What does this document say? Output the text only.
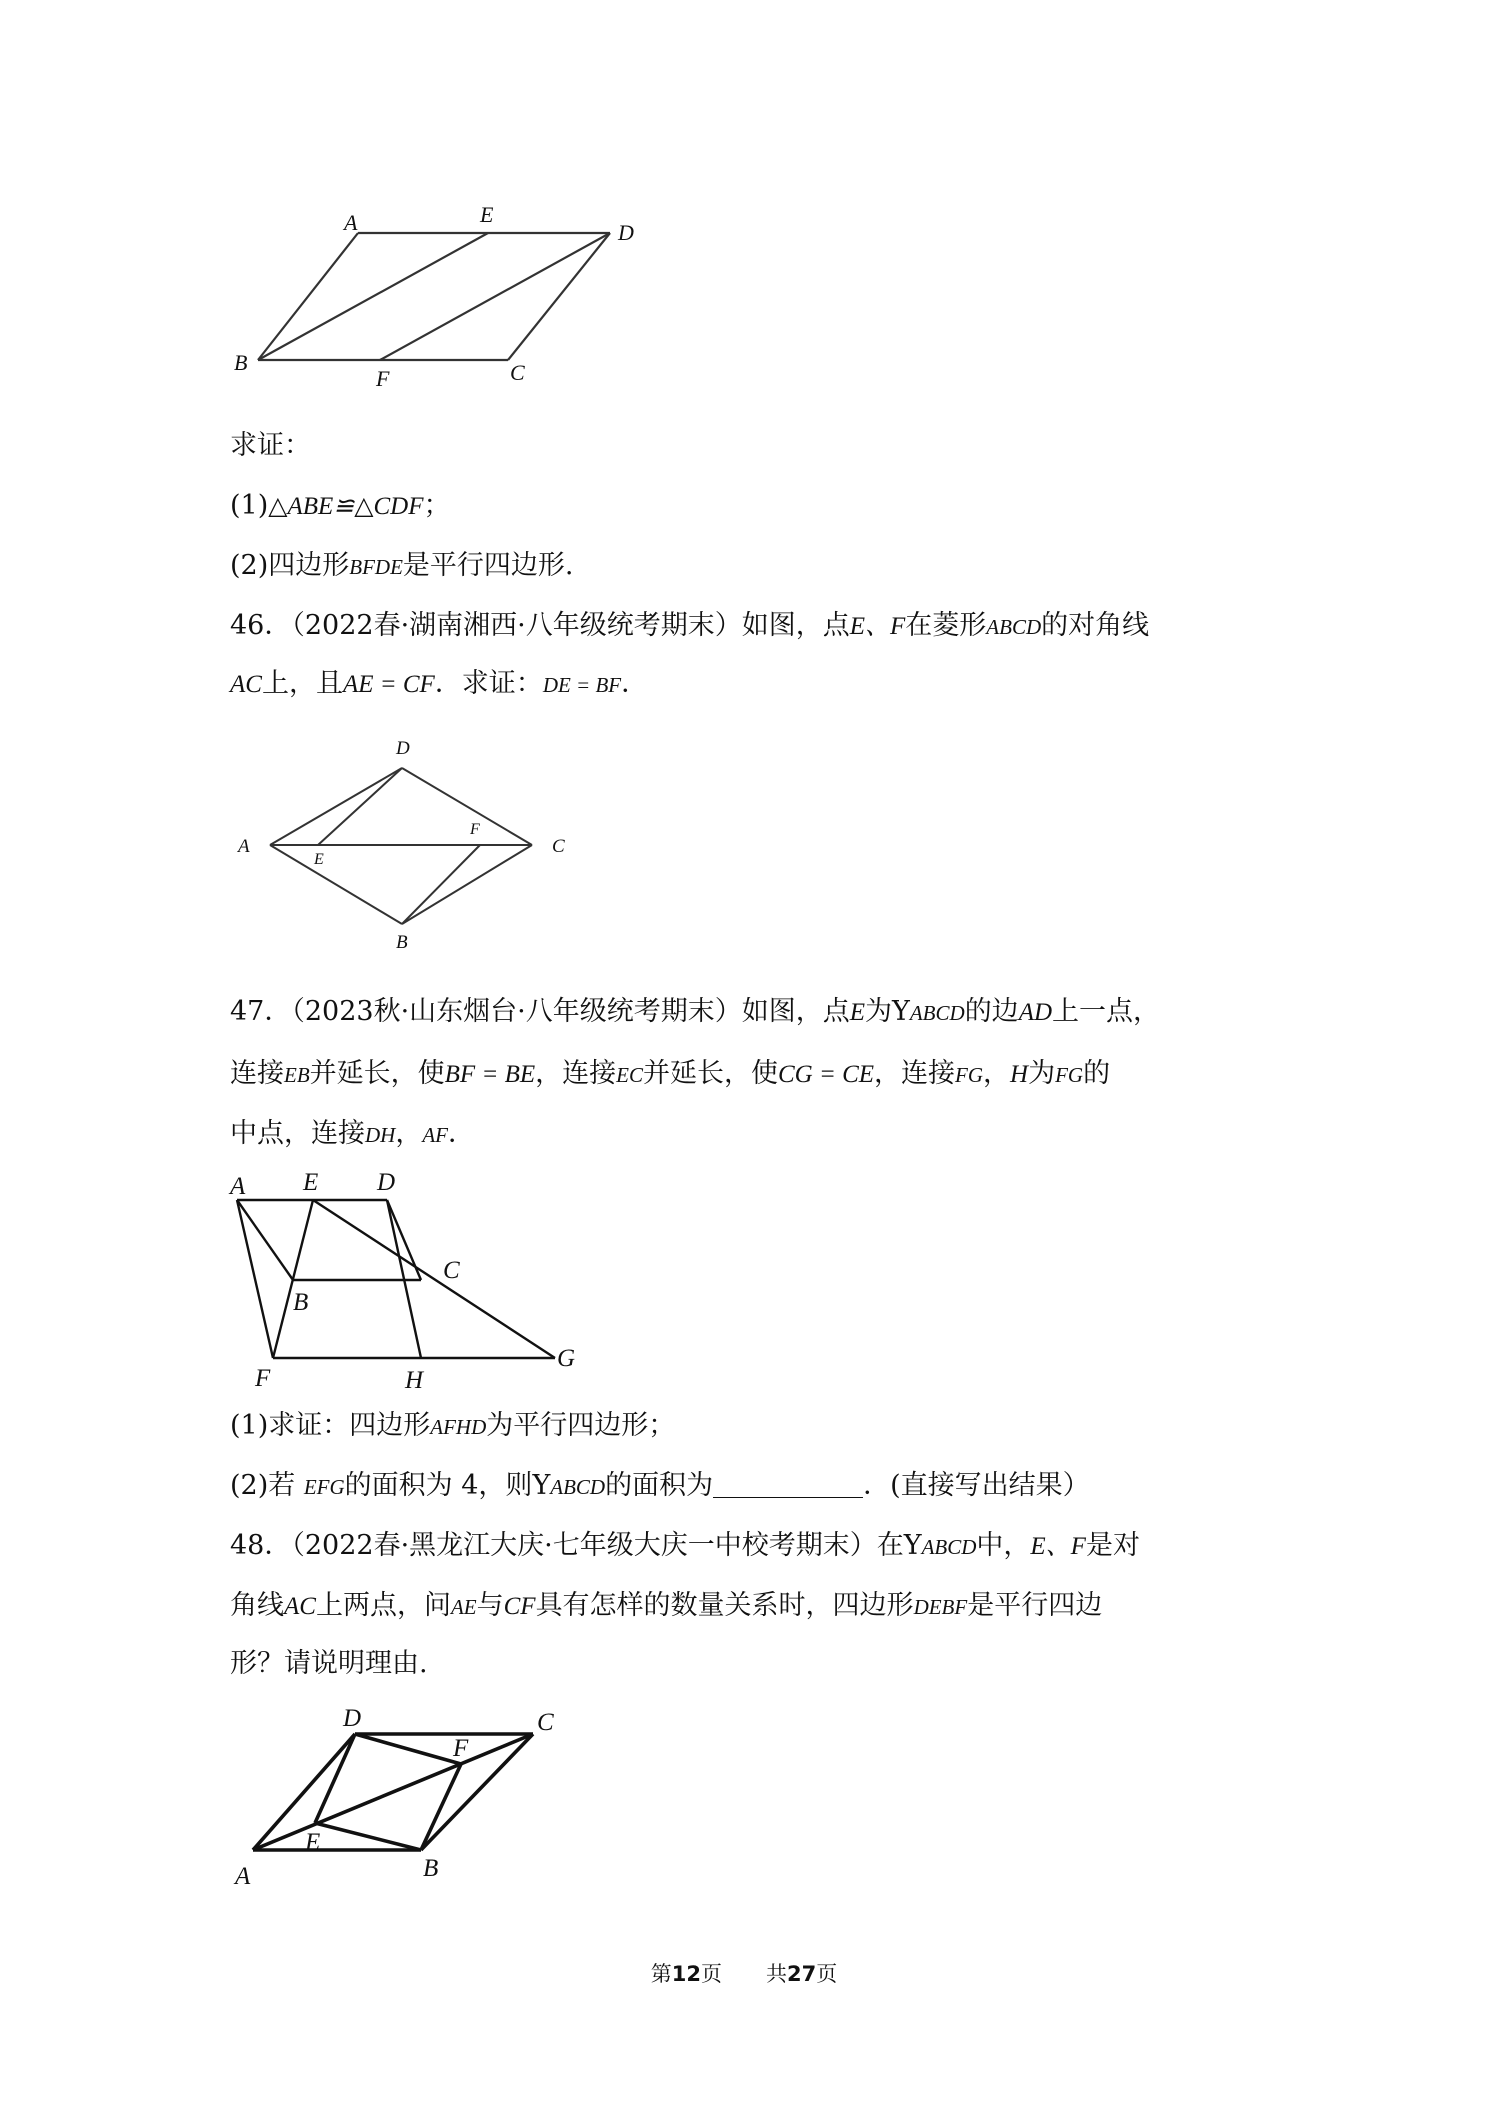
A	E
D
B
F	C
求证：
(1)△ABE≌△CDF；
(2)四边形BFDE是平行四边形.
46．（2022春·湖南湘西·八年级统考期末）如图，点E、F在菱形ABCD的对角线
AC上，且AE = CF．求证：DE = BF．
D
A
E
F
C
B
47．（2023秋·山东烟台·八年级统考期末）如图，点E为YABCD的边AD上一点，
连接EB并延长，使BF = BE，连接EC并延长，使CG = CE，连接FG，H为FG的
中点，连接DH，AF．
A E D
C
B
F	H
G
(1)求证：四边形AFHD为平行四边形；
(2)若 EFG的面积为 4，则YABCD的面积为	．(直接写出结果）
48．（2022春·黑龙江大庆·七年级大庆一中校考期末）在YABCD中，E、F是对
角线AC上两点，问AE与CF具有怎样的数量关系时，四边形DEBF是平行四边
形？请说明理由.
D	C
F
E
A	B
第12页 共27页
